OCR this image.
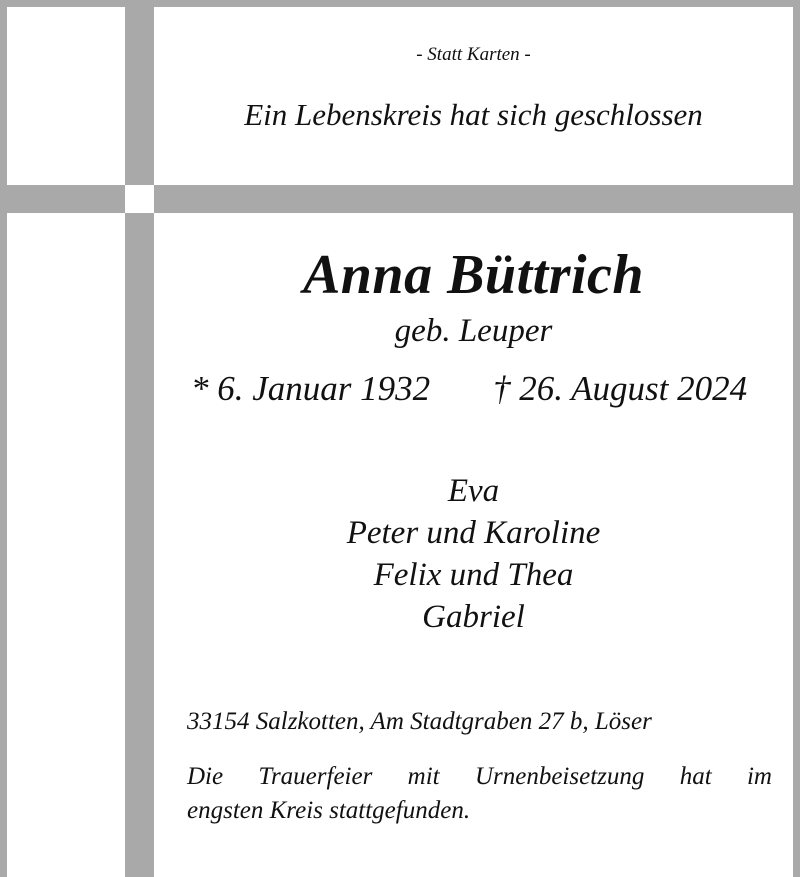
- Statt Karten -
Ein Lebenskreis hat sich geschlossen
Anna Büttrich
geb. Leuper
* 6. Januar 1932 † 26. August 2024
Eva
Peter und Karoline
Felix und Thea
Gabriel
33154 Salzkotten, Am Stadtgraben 27 b, Löser
Die Trauerfeier mit Urnenbeisetzung hat im
engsten Kreis stattgefunden.
